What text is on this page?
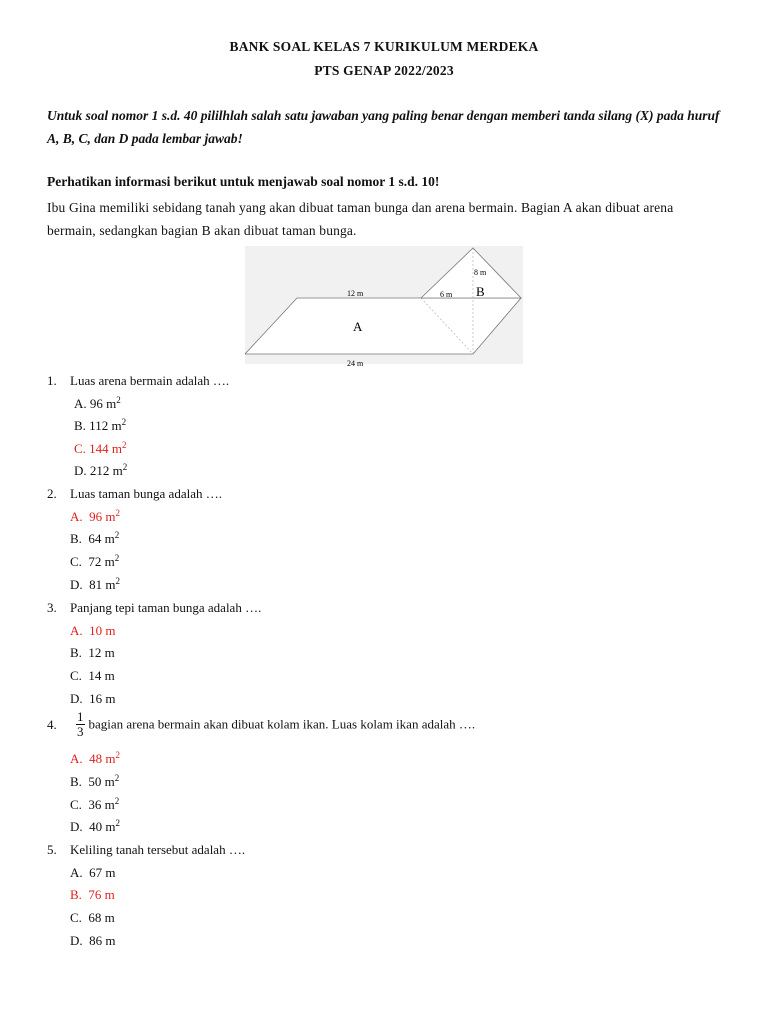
BANK SOAL KELAS 7 KURIKULUM MERDEKA
PTS GENAP 2022/2023
Untuk soal nomor 1 s.d. 40 pililhlah salah satu jawaban yang paling benar dengan memberi tanda silang (X) pada huruf A, B, C, dan D pada lembar jawab!
Perhatikan informasi berikut untuk menjawab soal nomor 1 s.d. 10!
Ibu Gina memiliki sebidang tanah yang akan dibuat taman bunga dan arena bermain. Bagian A akan dibuat arena bermain, sedangkan bagian B akan dibuat taman bunga.
12 m	6 m
8 m
B
A
24 m
1. Luas arena bermain adalah ….
A. 96 $m^2$
B. 112 $m^2$
C. 144 $m^2$
D. 212 $m^2$
2. Luas taman bunga adalah ….
A. 96 $m^2$
B. 64 $m^2$
C. 72 $m^2$
D. 81 $m^2$
3. Panjang tepi taman bunga adalah ….
A. 10 m
B. 12 m
C. 14 m
D. 16 m
4. $\frac{1}{3}$ bagian arena bermain akan dibuat kolam ikan. Luas kolam ikan adalah ….
A. 48 $m^2$
B. 50 $m^2$
C. 36 $m^2$
D. 40 $m^2$
5. Keliling tanah tersebut adalah ….
A. 67 m
B. 76 m
C. 68 m
D. 86 m
